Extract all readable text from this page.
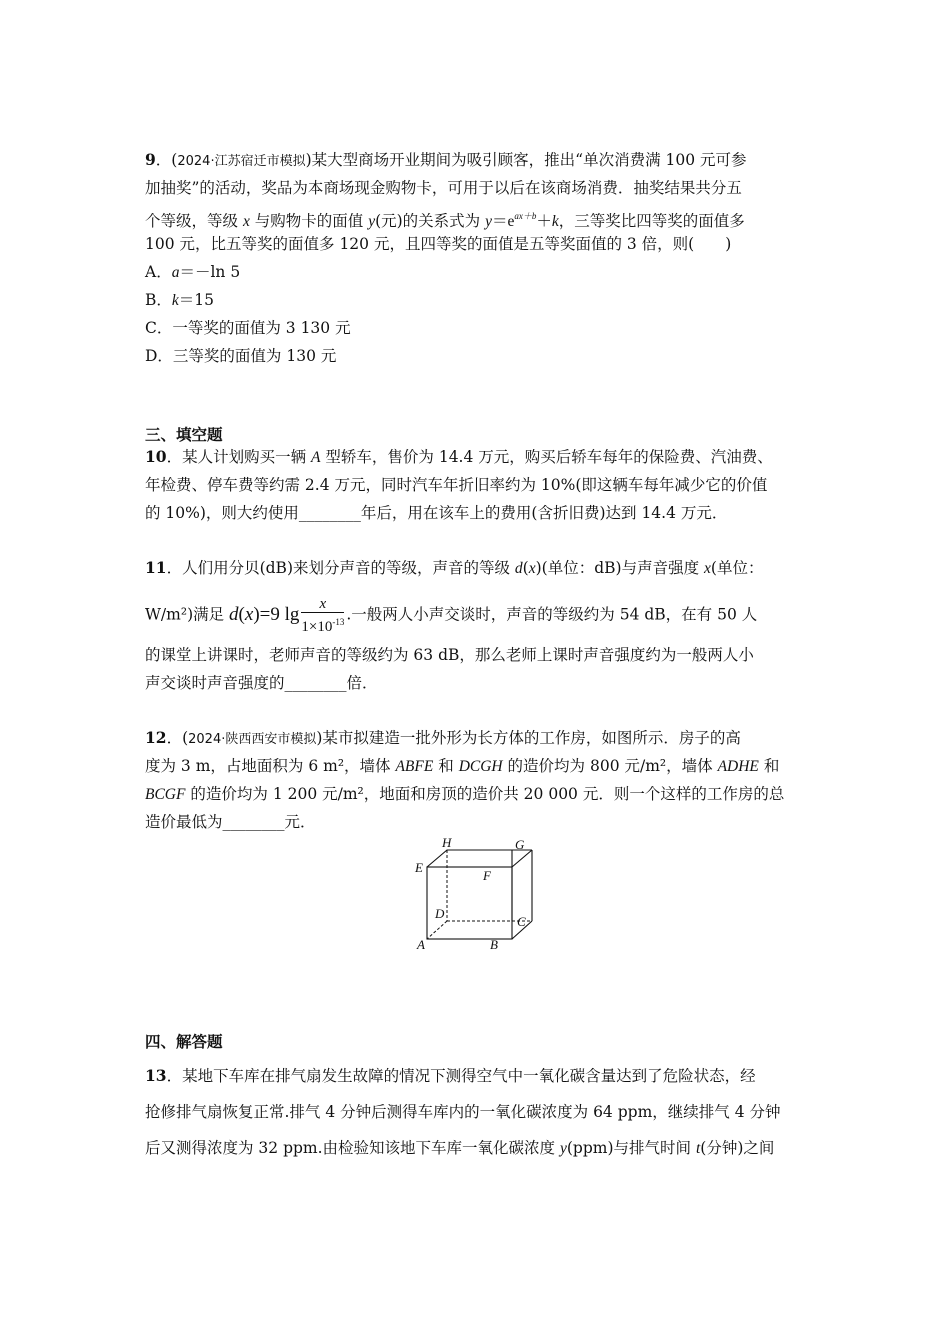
9．(2024·江苏宿迁市模拟)某大型商场开业期间为吸引顾客，推出“单次消费满 100 元可参
加抽奖”的活动，奖品为本商场现金购物卡，可用于以后在该商场消费．抽奖结果共分五
个等级，等级 x 与购物卡的面值 y(元)的关系式为 $y=e^{ax+b}+k$，三等奖比四等奖的面值多
100 元，比五等奖的面值多 120 元，且四等奖的面值是五等奖面值的 3 倍，则(　　)
A．a＝－ln 5
B．k＝15
C．一等奖的面值为 3 130 元
D．三等奖的面值为 130 元
三、填空题
10．某人计划购买一辆 A 型轿车，售价为 14.4 万元，购买后轿车每年的保险费、汽油费、
年检费、停车费等约需 2.4 万元，同时汽车年折旧率约为 10%(即这辆车每年减少它的价值
的 10%)，则大约使用________年后，用在该车上的费用(含折旧费)达到 14.4 万元．
11．人们用分贝(dB)来划分声音的等级，声音的等级 d(x)(单位：dB)与声音强度 x(单位：
W/m²)满足 d(x)=9 $\lg \frac{x}{1\times 10^{-13}}$ .一般两人小声交谈时，声音的等级约为 54 dB，在有 50 人
的课堂上讲课时，老师声音的等级约为 63 dB，那么老师上课时声音强度约为一般两人小
声交谈时声音强度的________倍．
12．(2024·陕西西安市模拟)某市拟建造一批外形为长方体的工作房，如图所示．房子的高
度为 3 m，占地面积为 6 m²，墙体 ABFE 和 DCGH 的造价均为 800 元/m²，墙体 ADHE 和
BCGF 的造价均为 1 200 元/m²，地面和房顶的造价共 20 000 元．则一个这样的工作房的总
造价最低为________元．
H	G
E
F
D
C
A	B
四、解答题
13．某地下车库在排气扇发生故障的情况下测得空气中一氧化碳含量达到了危险状态，经
抢修排气扇恢复正常.排气 4 分钟后测得车库内的一氧化碳浓度为 64 ppm，继续排气 4 分钟
后又测得浓度为 32 ppm.由检验知该地下车库一氧化碳浓度 y(ppm)与排气时间 t(分钟)之间
